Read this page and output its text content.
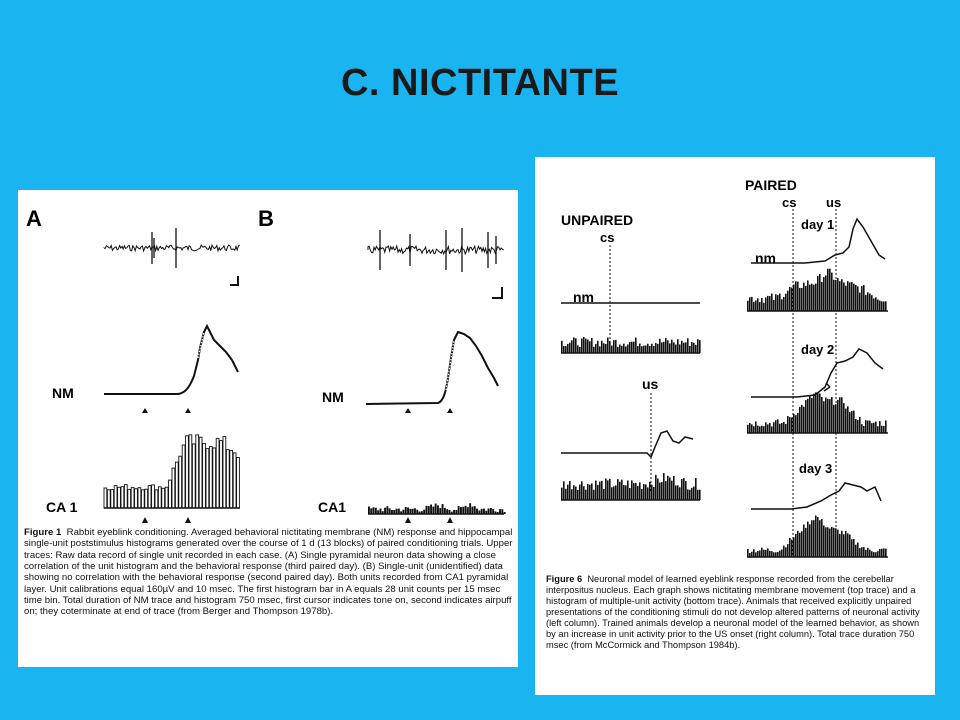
C. NICTITANTE
A	B
NM	NM
CA 1	CA1
Figure 1 Rabbit eyeblink conditioning. Averaged behavioral nictitating membrane (NM) response and hippocampal single-unit poststimulus histograms generated over the course of 1 d (13 blocks) of paired conditioning trials. Upper traces: Raw data record of single unit recorded in each case. (A) Single pyramidal neuron data showing a close correlation of the unit histogram and the behavioral response (third paired day). (B) Single-unit (unidentified) data showing no correlation with the behavioral response (second paired day). Both units recorded from CA1 pyramidal layer. Unit calibrations equal 160µV and 10 msec. The first histogram bar in A equals 28 unit counts per 15 msec time bin. Total duration of NM trace and histogram 750 msec, first cursor indicates tone on, second indicates airpuff on; they coterminate at end of trace (from Berger and Thompson 1978b).
UNPAIRED
cs
nm
us
PAIRED
cs us
day 1
nm
day 2
day 3
Figure 6 Neuronal model of learned eyeblink response recorded from the cerebellar interpositus nucleus. Each graph shows nictitating membrane movement (top trace) and a histogram of multiple-unit activity (bottom trace). Animals that received explicitly unpaired presentations of the conditioning stimuli do not develop altered patterns of neuronal activity (left column). Trained animals develop a neuronal model of the learned behavior, as shown by an increase in unit activity prior to the US onset (right column). Total trace duration 750 msec (from McCormick and Thompson 1984b).
